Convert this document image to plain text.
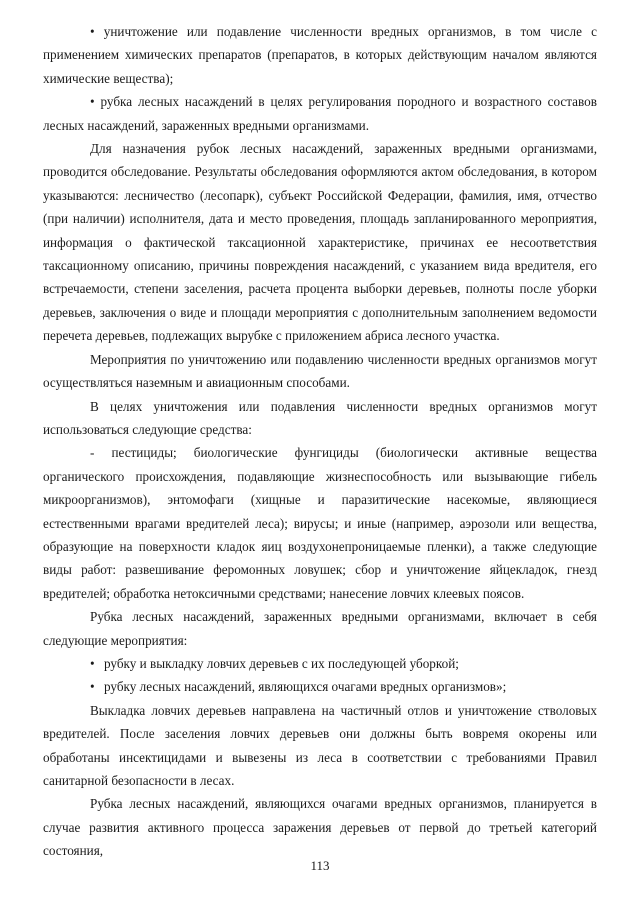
• уничтожение или подавление численности вредных организмов, в том числе с применением химических препаратов (препаратов, в которых действующим началом являются химические вещества);

• рубка лесных насаждений в целях регулирования породного и возрастного составов лесных насаждений, зараженных вредными организмами.

Для назначения рубок лесных насаждений, зараженных вредными организмами, проводится обследование. Результаты обследования оформляются актом обследования, в котором указываются: лесничество (лесопарк), субъект Российской Федерации, фамилия, имя, отчество (при наличии) исполнителя, дата и место проведения, площадь запланированного мероприятия, информация о фактической таксационной характеристике, причинах ее несоответствия таксационному описанию, причины повреждения насаждений, с указанием вида вредителя, его встречаемости, степени заселения, расчета процента выборки деревьев, полноты после уборки деревьев, заключения о виде и площади мероприятия с дополнительным заполнением ведомости перечета деревьев, подлежащих вырубке с приложением абриса лесного участка.

Мероприятия по уничтожению или подавлению численности вредных организмов могут осуществляться наземным и авиационным способами.

В целях уничтожения или подавления численности вредных организмов могут использоваться следующие средства:

- пестициды; биологические фунгициды (биологически активные вещества органического происхождения, подавляющие жизнеспособность или вызывающие гибель микроорганизмов), энтомофаги (хищные и паразитические насекомые, являющиеся естественными врагами вредителей леса); вирусы; и иные (например, аэрозоли или вещества, образующие на поверхности кладок яиц воздухонепроницаемые пленки), а также следующие виды работ: развешивание феромонных ловушек; сбор и уничтожение яйцекладок, гнезд вредителей; обработка нетоксичными средствами; нанесение ловчих клеевых поясов.

Рубка лесных насаждений, зараженных вредными организмами, включает в себя следующие мероприятия:

• рубку и выкладку ловчих деревьев с их последующей уборкой;

• рубку лесных насаждений, являющихся очагами вредных организмов»;

Выкладка ловчих деревьев направлена на частичный отлов и уничтожение стволовых вредителей. После заселения ловчих деревьев они должны быть вовремя окорены или обработаны инсектицидами и вывезены из леса в соответствии с требованиями Правил санитарной безопасности в лесах.

Рубка лесных насаждений, являющихся очагами вредных организмов, планируется в случае развития активного процесса заражения деревьев от первой до третьей категорий состояния,

113
